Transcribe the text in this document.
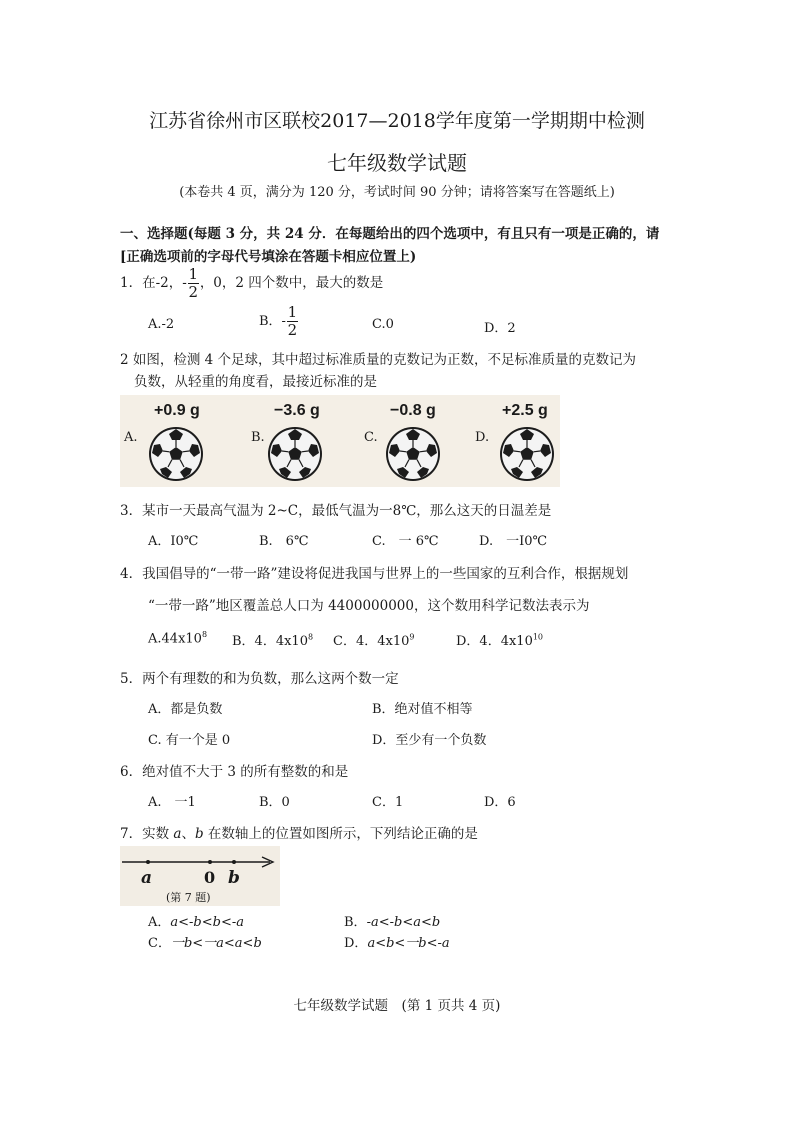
江苏省徐州市区联校2017—2018学年度第一学期期中检测
七年级数学试题
(本卷共 4 页，满分为 120 分，考试时间 90 分钟；请将答案写在答题纸上)
一、选择题(每题 3 分，共 24 分．在每题给出的四个选项中，有且只有一项是正确的，请
[正确选项前的字母代号填涂在答题卡相应位置上)
1．在-2，- $\frac{1}{2}$ ，0，2 四个数中，最大的数是
A.-2	B．- $\frac{1}{2}$	C.0	D．2
2 如图，检测 4 个足球，其中超过标准质量的克数记为正数，不足标准质量的克数记为
负数，从轻重的角度看，最接近标准的是
A.
+0.9 g
B.
−3.6 g
C.
−0.8 g
D.
+2.5 g
3．某市一天最高气温为 2~C，最低气温为一8℃，那么这天的日温差是
A．I0℃	B.　6℃	C.　一 6℃	D.　一I0℃
4．我国倡导的“一带一路”建设将促进我国与世界上的一些国家的互利合作，根据规划
“一带一路”地区覆盖总人口为 4400000000，这个数用科学记数法表示为
$A.44x10^8$ B．4．$4x10^8$ C．4．$4x10^9$	D．4．$4x10^{10}$
5．两个有理数的和为负数，那么这两个数一定
A．都是负数	B．绝对值不相等
C. 有一个是 0	D．至少有一个负数
6．绝对值不大于 3 的所有整数的和是
A.　一1	B．0	C．1	D．6
7．实数 a、b 在数轴上的位置如图所示，下列结论正确的是
a	0 b
(第 7 题)
A．a<-b<b<-a	B．-a<-b<a<b
C．一b<一a<a<b	D．a<b<一b<-a
七年级数学试题　(第 1 页共 4 页)
